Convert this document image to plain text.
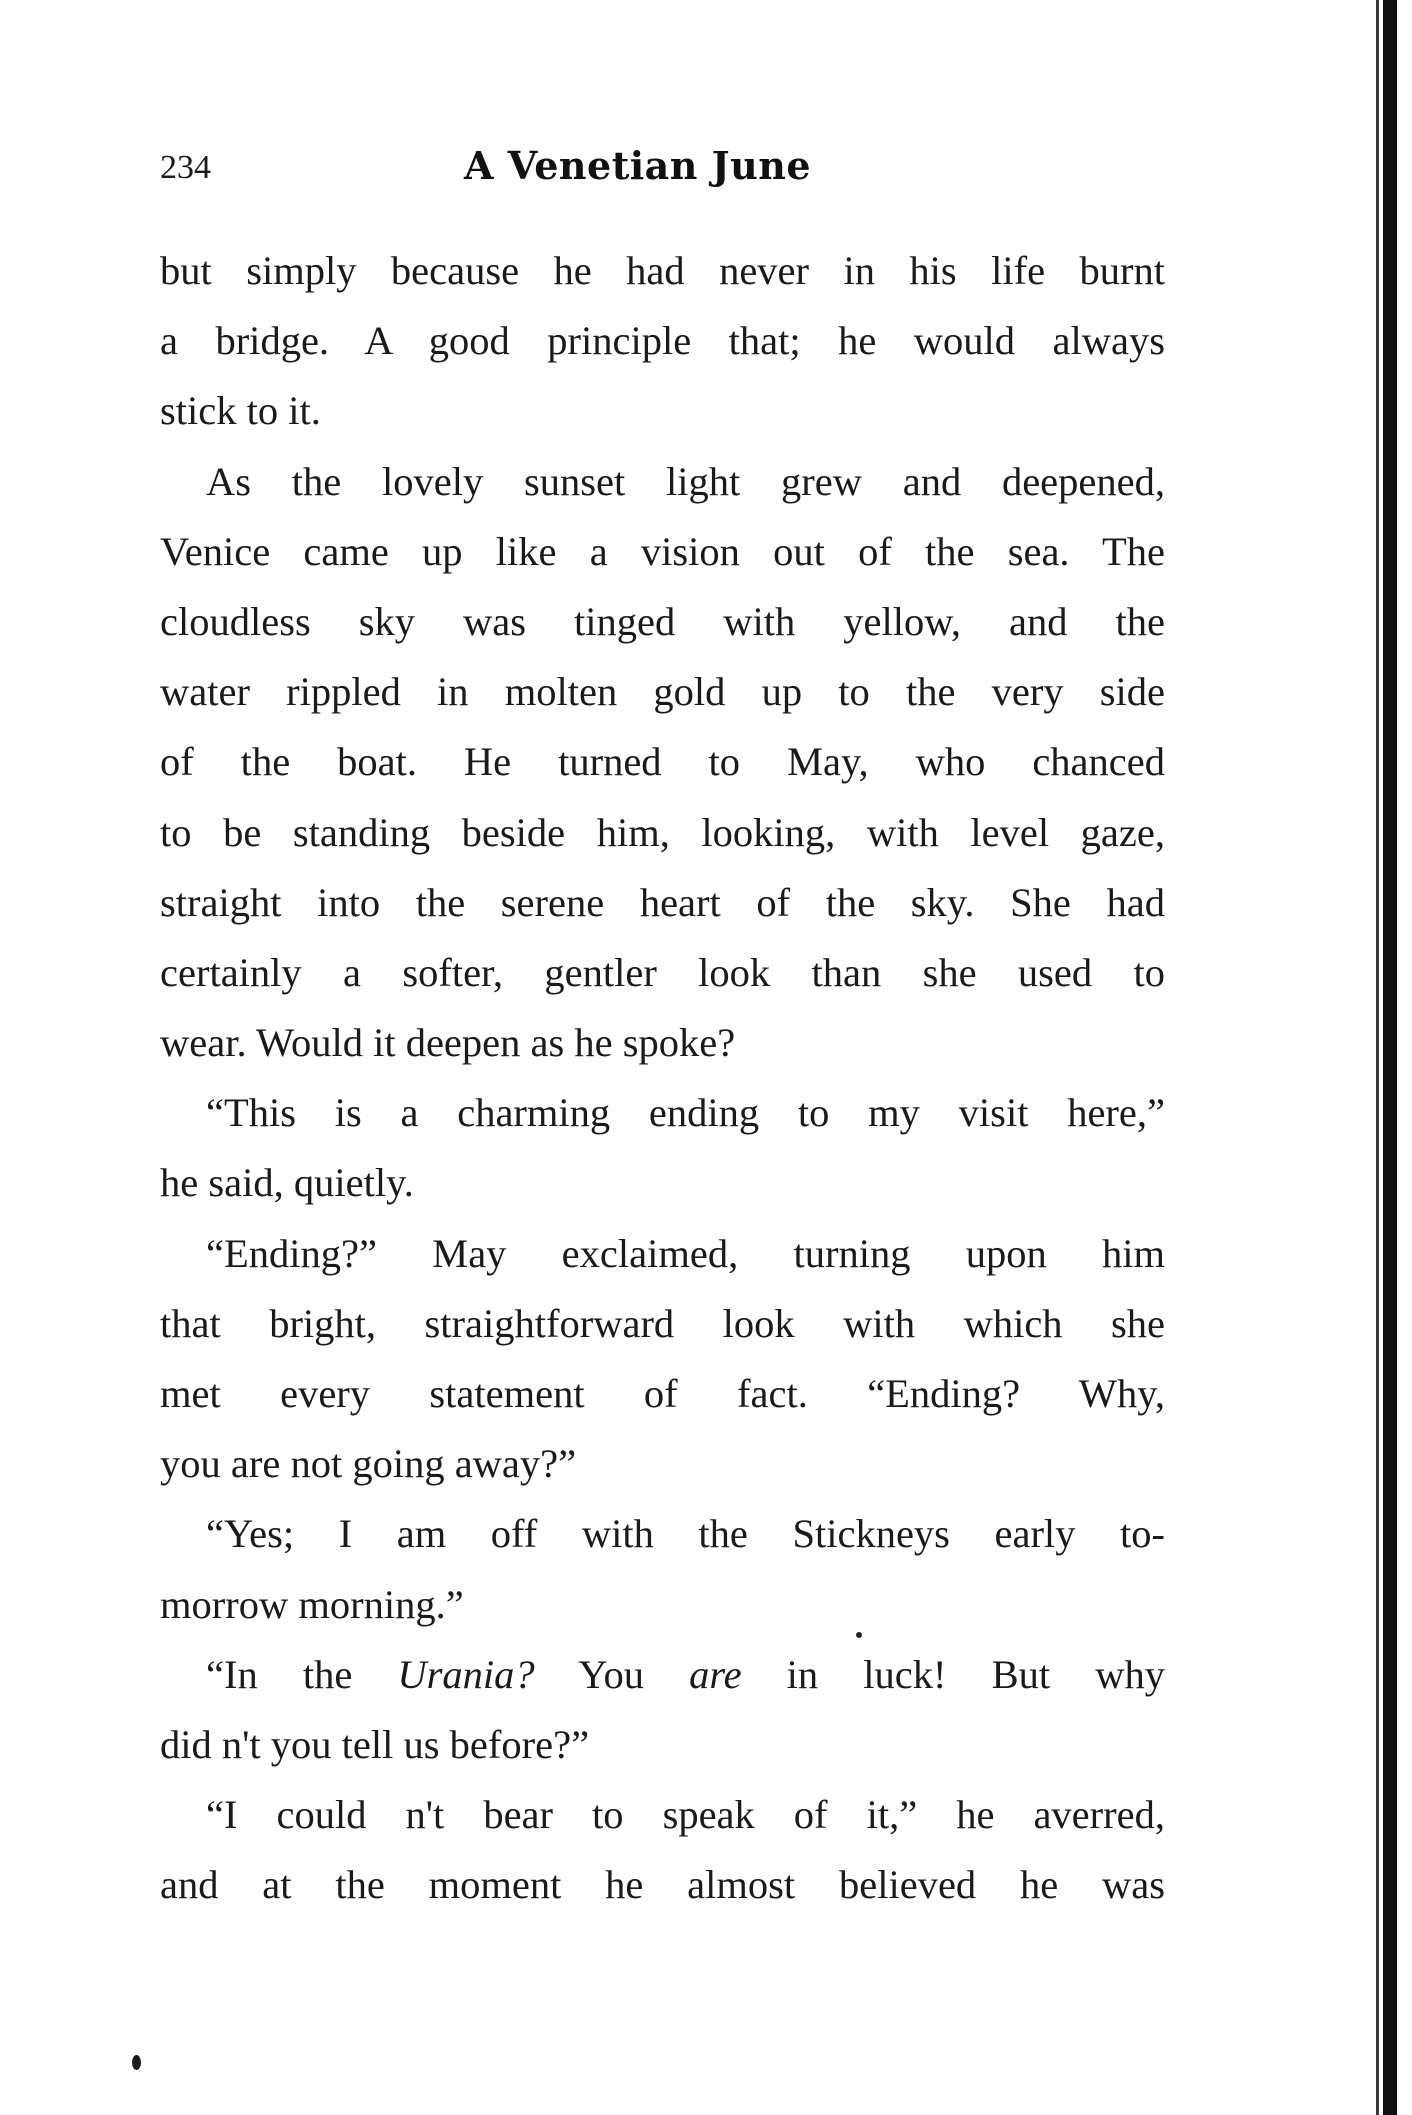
234	A Venetian June
but simply because he had never in his life burnt
a bridge. A good principle that; he would always
stick to it.
As the lovely sunset light grew and deepened,
Venice came up like a vision out of the sea. The
cloudless sky was tinged with yellow, and the
water rippled in molten gold up to the very side
of the boat. He turned to May, who chanced
to be standing beside him, looking, with level gaze,
straight into the serene heart of the sky. She had
certainly a softer, gentler look than she used to
wear. Would it deepen as he spoke?
“This is a charming ending to my visit here,”
he said, quietly.
“Ending?” May exclaimed, turning upon him
that bright, straightforward look with which she
met every statement of fact. “Ending? Why,
you are not going away?”
“Yes; I am off with the Stickneys early to-
morrow morning.”
“In the Urania? You are in luck! But why
did n't you tell us before?”
“I could n't bear to speak of it,” he averred,
and at the moment he almost believed he was
